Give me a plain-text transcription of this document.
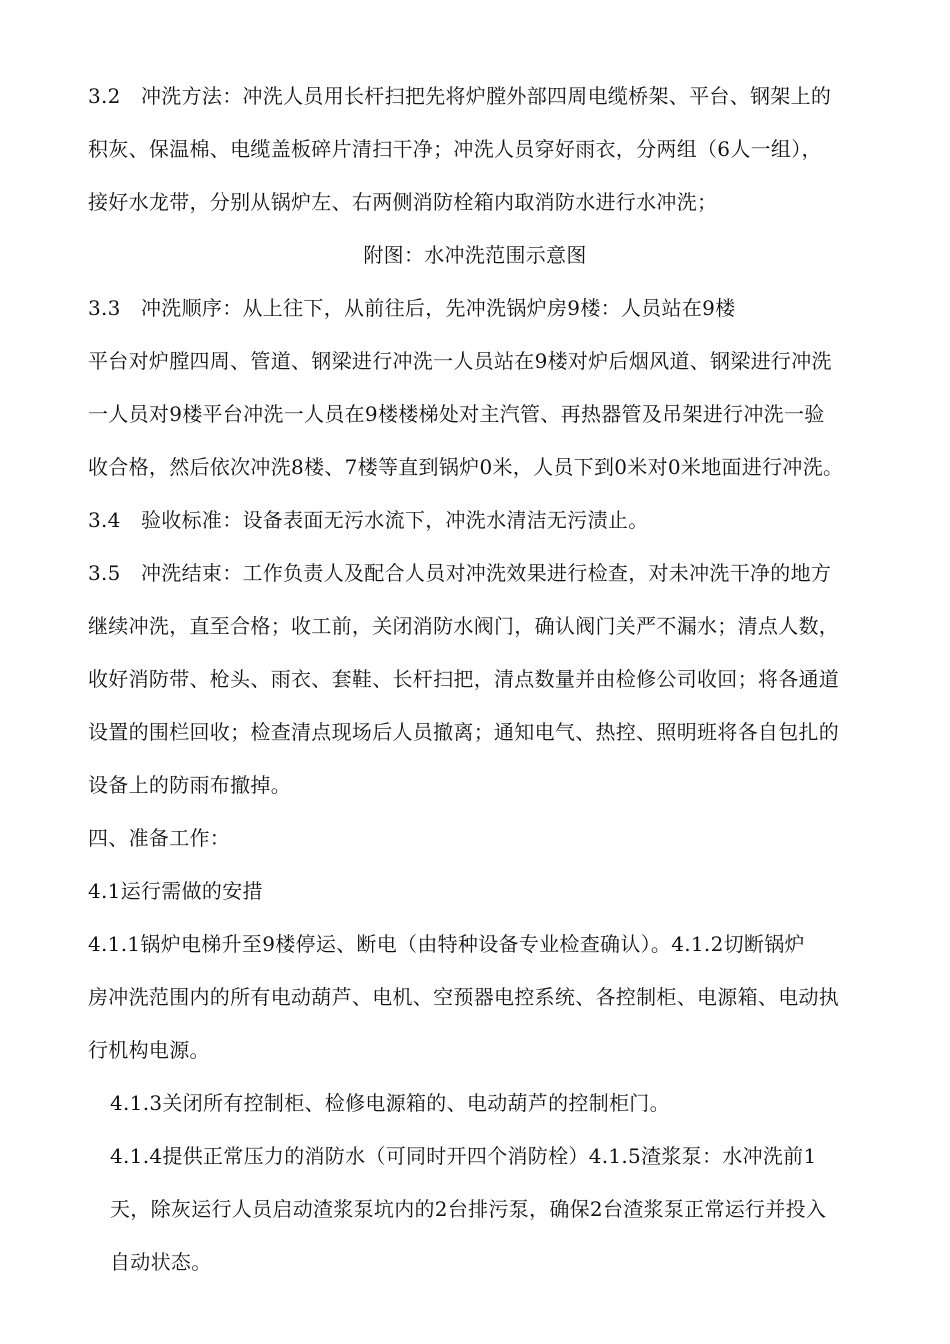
3.2　冲洗方法：冲洗人员用长杆扫把先将炉膛外部四周电缆桥架、平台、钢架上的
积灰、保温棉、电缆盖板碎片清扫干净；冲洗人员穿好雨衣，分两组（6人一组），
接好水龙带，分别从锅炉左、右两侧消防栓箱内取消防水进行水冲洗；
附图：水冲洗范围示意图
3.3　冲洗顺序：从上往下，从前往后，先冲洗锅炉房9楼：人员站在9楼
平台对炉膛四周、管道、钢梁进行冲洗一人员站在9楼对炉后烟风道、钢梁进行冲洗
一人员对9楼平台冲洗一人员在9楼楼梯处对主汽管、再热器管及吊架进行冲洗一验
收合格，然后依次冲洗8楼、7楼等直到锅炉0米，人员下到0米对0米地面进行冲洗。
3.4　验收标准：设备表面无污水流下，冲洗水清洁无污渍止。
3.5　冲洗结束：工作负责人及配合人员对冲洗效果进行检查，对未冲洗干净的地方
继续冲洗，直至合格；收工前，关闭消防水阀门，确认阀门关严不漏水；清点人数，
收好消防带、枪头、雨衣、套鞋、长杆扫把，清点数量并由检修公司收回；将各通道
设置的围栏回收；检查清点现场后人员撤离；通知电气、热控、照明班将各自包扎的
设备上的防雨布撤掉。
四、准备工作：
4.1运行需做的安措
4.1.1锅炉电梯升至9楼停运、断电（由特种设备专业检查确认）。4.1.2切断锅炉
房冲洗范围内的所有电动葫芦、电机、空预器电控系统、各控制柜、电源箱、电动执
行机构电源。
4.1.3关闭所有控制柜、检修电源箱的、电动葫芦的控制柜门。
4.1.4提供正常压力的消防水（可同时开四个消防栓）4.1.5渣浆泵：水冲洗前1
天，除灰运行人员启动渣浆泵坑内的2台排污泵，确保2台渣浆泵正常运行并投入
自动状态。
